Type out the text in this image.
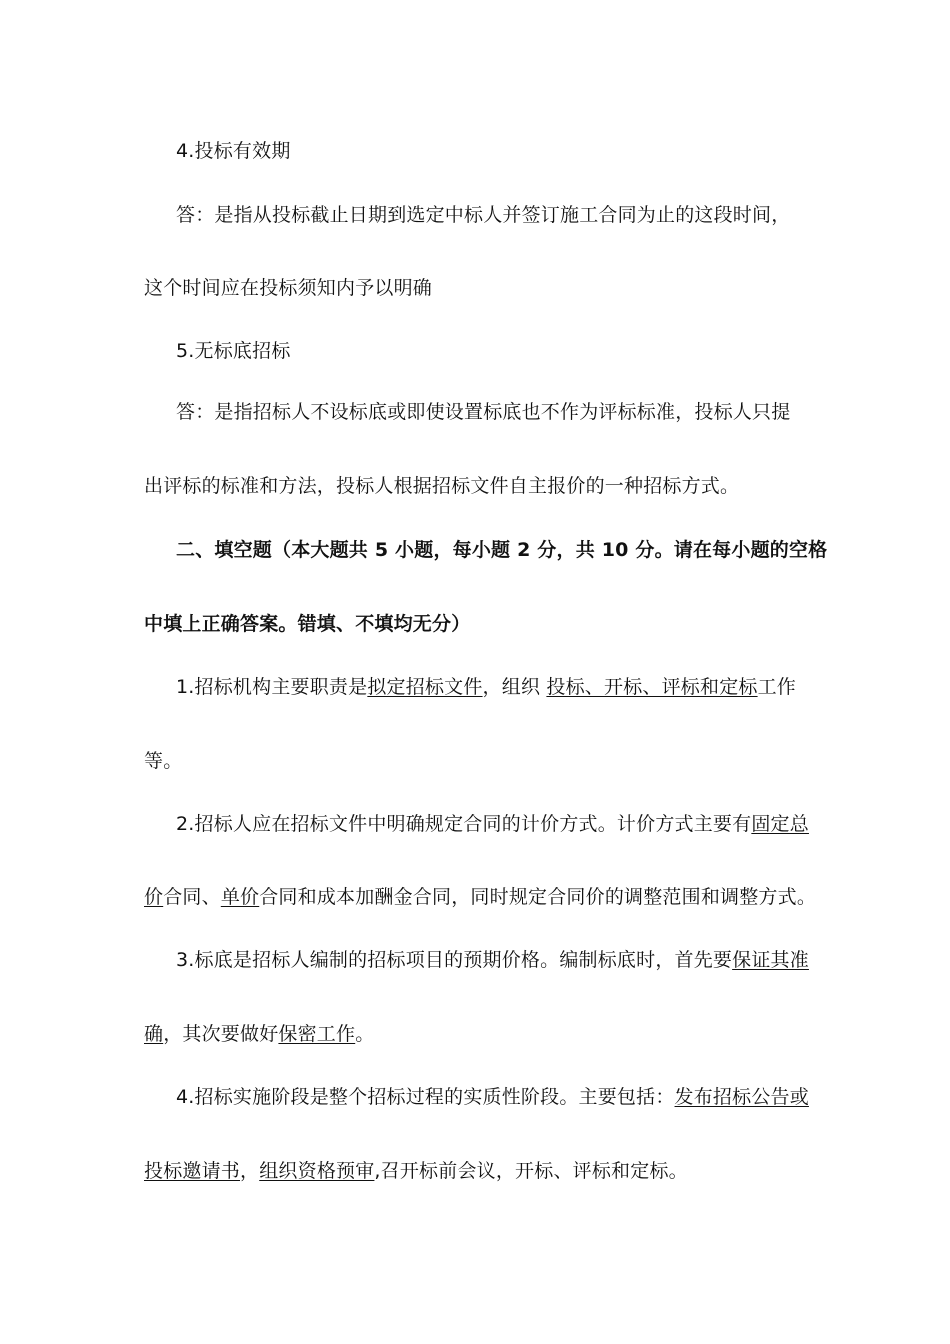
4.投标有效期
答：是指从投标截止日期到选定中标人并签订施工合同为止的这段时间，
这个时间应在投标须知内予以明确
5.无标底招标
答：是指招标人不设标底或即使设置标底也不作为评标标准，投标人只提
出评标的标准和方法，投标人根据招标文件自主报价的一种招标方式。
二、填空题（本大题共 5 小题，每小题 2 分，共 10 分。请在每小题的空格
中填上正确答案。错填、不填均无分）
1.招标机构主要职责是拟定招标文件，组织 投标、开标、评标和定标工作
等。
2.招标人应在招标文件中明确规定合同的计价方式。计价方式主要有固定总
价合同、单价合同和成本加酬金合同，同时规定合同价的调整范围和调整方式。
3.标底是招标人编制的招标项目的预期价格。编制标底时，首先要保证其准
确，其次要做好保密工作。
4.招标实施阶段是整个招标过程的实质性阶段。主要包括：发布招标公告或
投标邀请书，组织资格预审,召开标前会议，开标、评标和定标。
